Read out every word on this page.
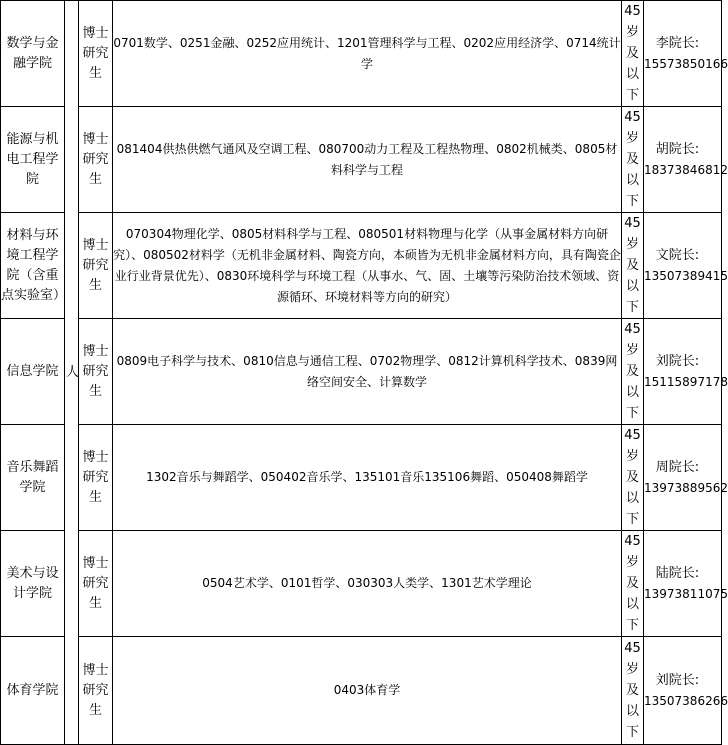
数学与金融学院	人	博士研究生	0701数学、0251金融、0252应用统计、1201管理科学与工程、0202应用经济学、0714统计学	45岁及以下	李院长:
15573850166

能源与机电工程学院		博士研究生	081404供热供燃气通风及空调工程、080700动力工程及工程热物理、0802机械类、0805材料科学与工程	45岁及以下	胡院长:
18373846812

材料与环境工程学院（含重点实验室）		博士研究生	070304物理化学、0805材料科学与工程、080501材料物理与化学（从事金属材料方向研究）、080502材料学（无机非金属材料、陶瓷方向，本硕皆为无机非金属材料方向，具有陶瓷企业行业背景优先）、0830环境科学与环境工程（从事水、气、固、土壤等污染防治技术领域、资源循环、环境材料等方向的研究）	45岁及以下	文院长:
13507389415

信息学院		博士研究生	0809电子科学与技术、0810信息与通信工程、0702物理学、0812计算机科学技术、0839网络空间安全、计算数学	45岁及以下	刘院长:
15115897178

音乐舞蹈学院		博士研究生	1302音乐与舞蹈学、050402音乐学、135101音乐135106舞蹈、050408舞蹈学	45岁及以下	周院长:
13973889562

美术与设计学院		博士研究生	0504艺术学、0101哲学、030303人类学、1301艺术学理论	45岁及以下	陆院长:
13973811075

体育学院		博士研究生	0403体育学	45岁及以下	刘院长:
13507386266
